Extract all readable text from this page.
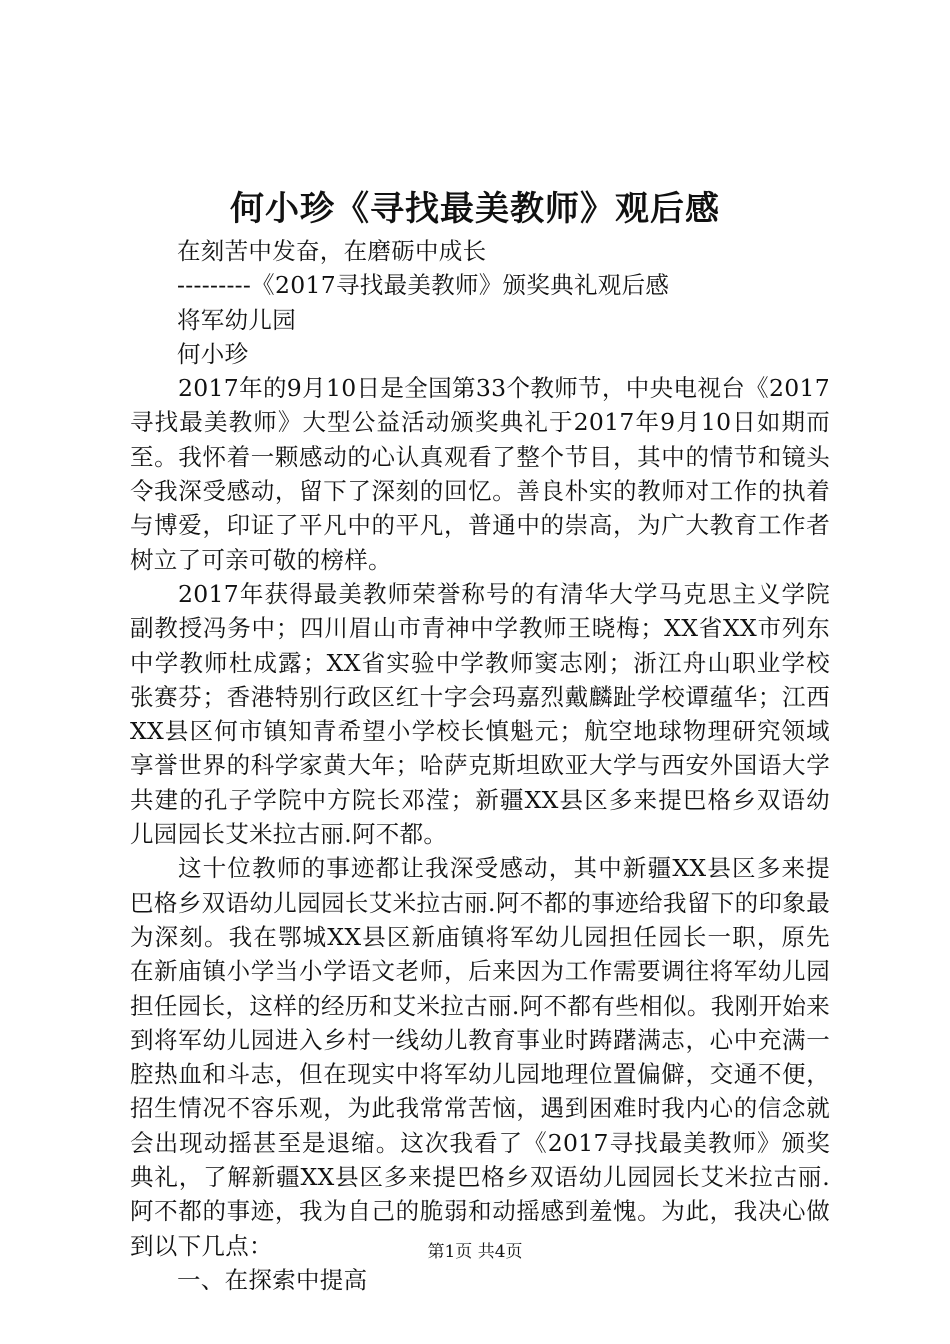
何小珍《寻找最美教师》观后感
在刻苦中发奋，在磨砺中成长
---------《2017寻找最美教师》颁奖典礼观后感
将军幼儿园
何小珍

2017年的9月10日是全国第33个教师节，中央电视台《2017寻找最美教师》大型公益活动颁奖典礼于2017年9月10日如期而至。我怀着一颗感动的心认真观看了整个节目，其中的情节和镜头令我深受感动，留下了深刻的回忆。善良朴实的教师对工作的执着与博爱，印证了平凡中的平凡，普通中的崇高，为广大教育工作者树立了可亲可敬的榜样。

2017年获得最美教师荣誉称号的有清华大学马克思主义学院副教授冯务中；四川眉山市青神中学教师王晓梅；XX省XX市列东中学教师杜成露；XX省实验中学教师窦志刚；浙江舟山职业学校张赛芬；香港特别行政区红十字会玛嘉烈戴麟趾学校谭蕴华；江西XX县区何市镇知青希望小学校长慎魁元；航空地球物理研究领域享誉世界的科学家黄大年；哈萨克斯坦欧亚大学与西安外国语大学共建的孔子学院中方院长邓滢；新疆XX县区多来提巴格乡双语幼儿园园长艾米拉古丽.阿不都。

这十位教师的事迹都让我深受感动，其中新疆XX县区多来提巴格乡双语幼儿园园长艾米拉古丽.阿不都的事迹给我留下的印象最为深刻。我在鄂城XX县区新庙镇将军幼儿园担任园长一职，原先在新庙镇小学当小学语文老师，后来因为工作需要调往将军幼儿园担任园长，这样的经历和艾米拉古丽.阿不都有些相似。我刚开始来到将军幼儿园进入乡村一线幼儿教育事业时踌躇满志，心中充满一腔热血和斗志，但在现实中将军幼儿园地理位置偏僻，交通不便，招生情况不容乐观，为此我常常苦恼，遇到困难时我内心的信念就会出现动摇甚至是退缩。这次我看了《2017寻找最美教师》颁奖典礼，了解新疆XX县区多来提巴格乡双语幼儿园园长艾米拉古丽.阿不都的事迹，我为自己的脆弱和动摇感到羞愧。为此，我决心做到以下几点：

一、在探索中提高
第1页 共4页
